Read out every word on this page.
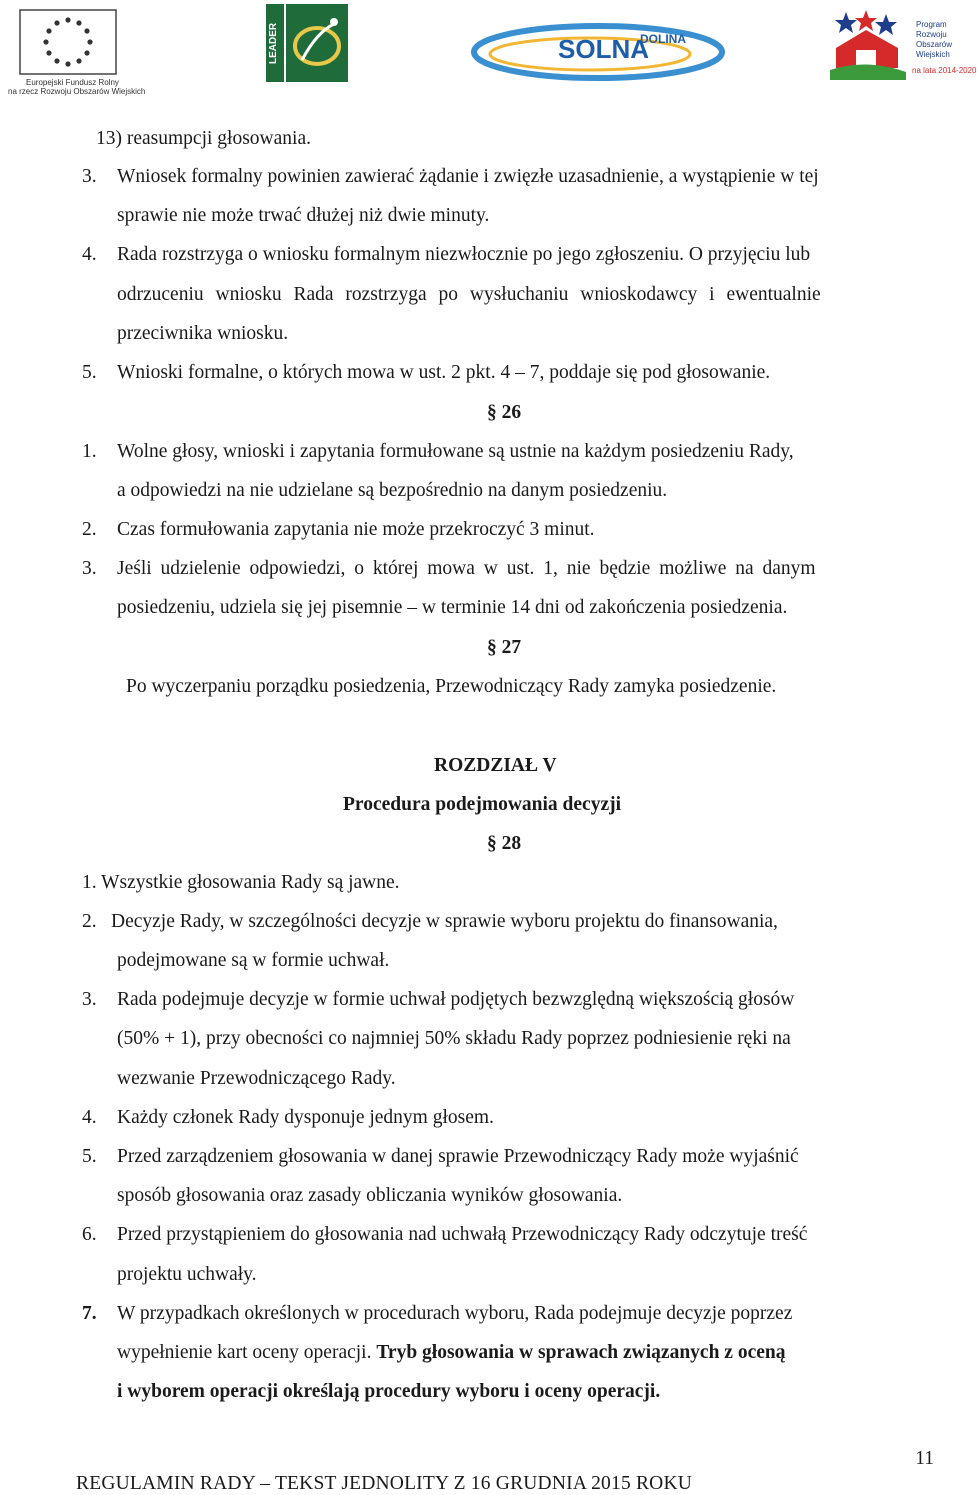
Europejski Fundusz Rolny
na rzecz Rozwoju Obszarów Wiejskich
LEADER	SOLNA
DOLINA
Program
Rozwoju
Obszarów
Wiejskich
na lata 2014-2020
13) reasumpcji głosowania.
3. Wniosek formalny powinien zawierać żądanie i zwięzłe uzasadnienie, a wystąpienie w tej
sprawie nie może trwać dłużej niż dwie minuty.
4. Rada rozstrzyga o wniosku formalnym niezwłocznie po jego zgłoszeniu. O przyjęciu lub
odrzuceniu wniosku Rada rozstrzyga po wysłuchaniu wnioskodawcy i ewentualnie
przeciwnika wniosku.
5. Wnioski formalne, o których mowa w ust. 2 pkt. 4 – 7, poddaje się pod głosowanie.
§ 26
1. Wolne głosy, wnioski i zapytania formułowane są ustnie na każdym posiedzeniu Rady,
a odpowiedzi na nie udzielane są bezpośrednio na danym posiedzeniu.
2. Czas formułowania zapytania nie może przekroczyć 3 minut.
3. Jeśli udzielenie odpowiedzi, o której mowa w ust. 1, nie będzie możliwe na danym
posiedzeniu, udziela się jej pisemnie – w terminie 14 dni od zakończenia posiedzenia.
§ 27
Po wyczerpaniu porządku posiedzenia, Przewodniczący Rady zamyka posiedzenie.
ROZDZIAŁ V
Procedura podejmowania decyzji
§ 28
1. Wszystkie głosowania Rady są jawne.
2. Decyzje Rady, w szczególności decyzje w sprawie wyboru projektu do finansowania,
podejmowane są w formie uchwał.
3. Rada podejmuje decyzje w formie uchwał podjętych bezwzględną większością głosów
(50% + 1), przy obecności co najmniej 50% składu Rady poprzez podniesienie ręki na
wezwanie Przewodniczącego Rady.
4. Każdy członek Rady dysponuje jednym głosem.
5. Przed zarządzeniem głosowania w danej sprawie Przewodniczący Rady może wyjaśnić
sposób głosowania oraz zasady obliczania wyników głosowania.
6. Przed przystąpieniem do głosowania nad uchwałą Przewodniczący Rady odczytuje treść
projektu uchwały.
7. W przypadkach określonych w procedurach wyboru, Rada podejmuje decyzje poprzez
wypełnienie kart oceny operacji. Tryb głosowania w sprawach związanych z oceną
i wyborem operacji określają procedury wyboru i oceny operacji.
11
REGULAMIN RADY – TEKST JEDNOLITY Z 16 GRUDNIA 2015 ROKU
